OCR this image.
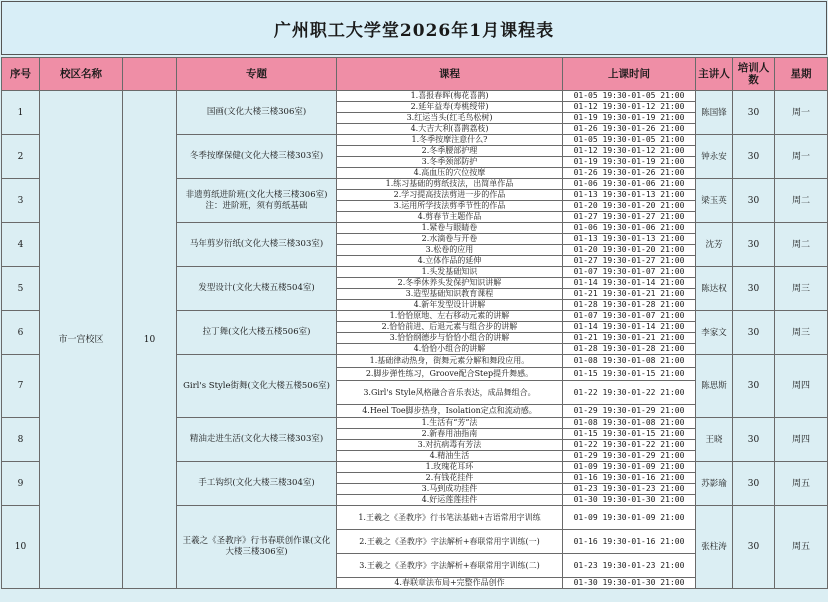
广州职工大学堂2026年1月课程表
序号	校区名称		专题	课程	上课时间	主讲人	培训人数	星期
1	市一宫校区	10	国画(文化大楼三楼306室)	1.喜报春晖(梅花喜鹊)	01-05 19:30-01-05 21:00	陈国锋	30	周一
				2.延年益寿(寿桃绶带)	01-12 19:30-01-12 21:00			
				3.红运当头(红毛鸟松树)	01-19 19:30-01-19 21:00			
				4.大吉大利(喜鹊荔枝)	01-26 19:30-01-26 21:00			
2			冬季按摩保健(文化大楼三楼303室)	1.冬季按摩注意什么?	01-05 19:30-01-05 21:00	钟永安	30	周一
				2.冬季腰部护理	01-12 19:30-01-12 21:00			
				3.冬季颈部防护	01-19 19:30-01-19 21:00			
				4.高血压的穴位按摩	01-26 19:30-01-26 21:00			
3			非遗剪纸进阶班(文化大楼三楼306室)注：进阶班，须有剪纸基础	1.练习基础的剪纸技法，出简单作品	01-06 19:30-01-06 21:00	梁玉英	30	周二
				2.学习提高技法剪进一步的作品	01-13 19:30-01-13 21:00			
				3.运用所学技法剪季节性的作品	01-20 19:30-01-20 21:00			
				4.剪春节主题作品	01-27 19:30-01-27 21:00			
4			马年剪岁衍纸(文化大楼三楼303室)	1.紧卷与眼睛卷	01-06 19:30-01-06 21:00	沈芳	30	周二
				2.水滴卷与开卷	01-13 19:30-01-13 21:00			
				3.松卷的应用	01-20 19:30-01-20 21:00			
				4.立体作品的延伸	01-27 19:30-01-27 21:00			
5			发型设计(文化大楼五楼504室)	1.头发基础知识	01-07 19:30-01-07 21:00	陈达权	30	周三
				2.冬季休养头发保护知识讲解	01-14 19:30-01-14 21:00			
				3.造型基础知识教育课程	01-21 19:30-01-21 21:00			
				4.新年发型设计讲解	01-28 19:30-01-28 21:00			
6			拉丁舞(文化大楼五楼506室)	1.恰恰原地、左右移动元素的讲解	01-07 19:30-01-07 21:00	李家文	30	周三
				2.恰恰前进、后退元素与组合步的讲解	01-14 19:30-01-14 21:00			
				3.恰恰纲德步与恰恰小组合的讲解	01-21 19:30-01-21 21:00			
				4.恰恰小组合的讲解	01-28 19:30-01-28 21:00			
7			Girl's Style街舞(文化大楼五楼506室)	1.基础律动热身，街舞元素分解和舞段应用。	01-08 19:30-01-08 21:00	陈思斯	30	周四
				2.脚步弹性练习，Groove配合Step提升舞感。	01-15 19:30-01-15 21:00			
				3.Girl's Style风格融合音乐表达，成品舞组合。	01-22 19:30-01-22 21:00			
				4.Heel Toe脚步热身，Isolation定点和流动感。	01-29 19:30-01-29 21:00			
8			精油走进生活(文化大楼三楼303室)	1.生活有“芳”法	01-08 19:30-01-08 21:00	王晓	30	周四
				2.新春用油指南	01-15 19:30-01-15 21:00			
				3.对抗病毒有芳法	01-22 19:30-01-22 21:00			
				4.精油生活	01-29 19:30-01-29 21:00			
9			手工钩织(文化大楼三楼304室)	1.玫瑰花耳环	01-09 19:30-01-09 21:00	苏影瑜	30	周五
				2.有钱花挂件	01-16 19:30-01-16 21:00			
				3.马到成功挂件	01-23 19:30-01-23 21:00			
				4.好运莲莲挂件	01-30 19:30-01-30 21:00			
10			王羲之《圣教序》行书春联创作课(文化大楼三楼306室)	1.王羲之《圣教序》行书笔法基础+吉语常用字训练	01-09 19:30-01-09 21:00	张柱涛	30	周五
				2.王羲之《圣教序》字法解析+春联常用字训练(一)	01-16 19:30-01-16 21:00			
				3.王羲之《圣教序》字法解析+春联常用字训练(二)	01-23 19:30-01-23 21:00			
				4.春联章法布局+完整作品创作	01-30 19:30-01-30 21:00			
